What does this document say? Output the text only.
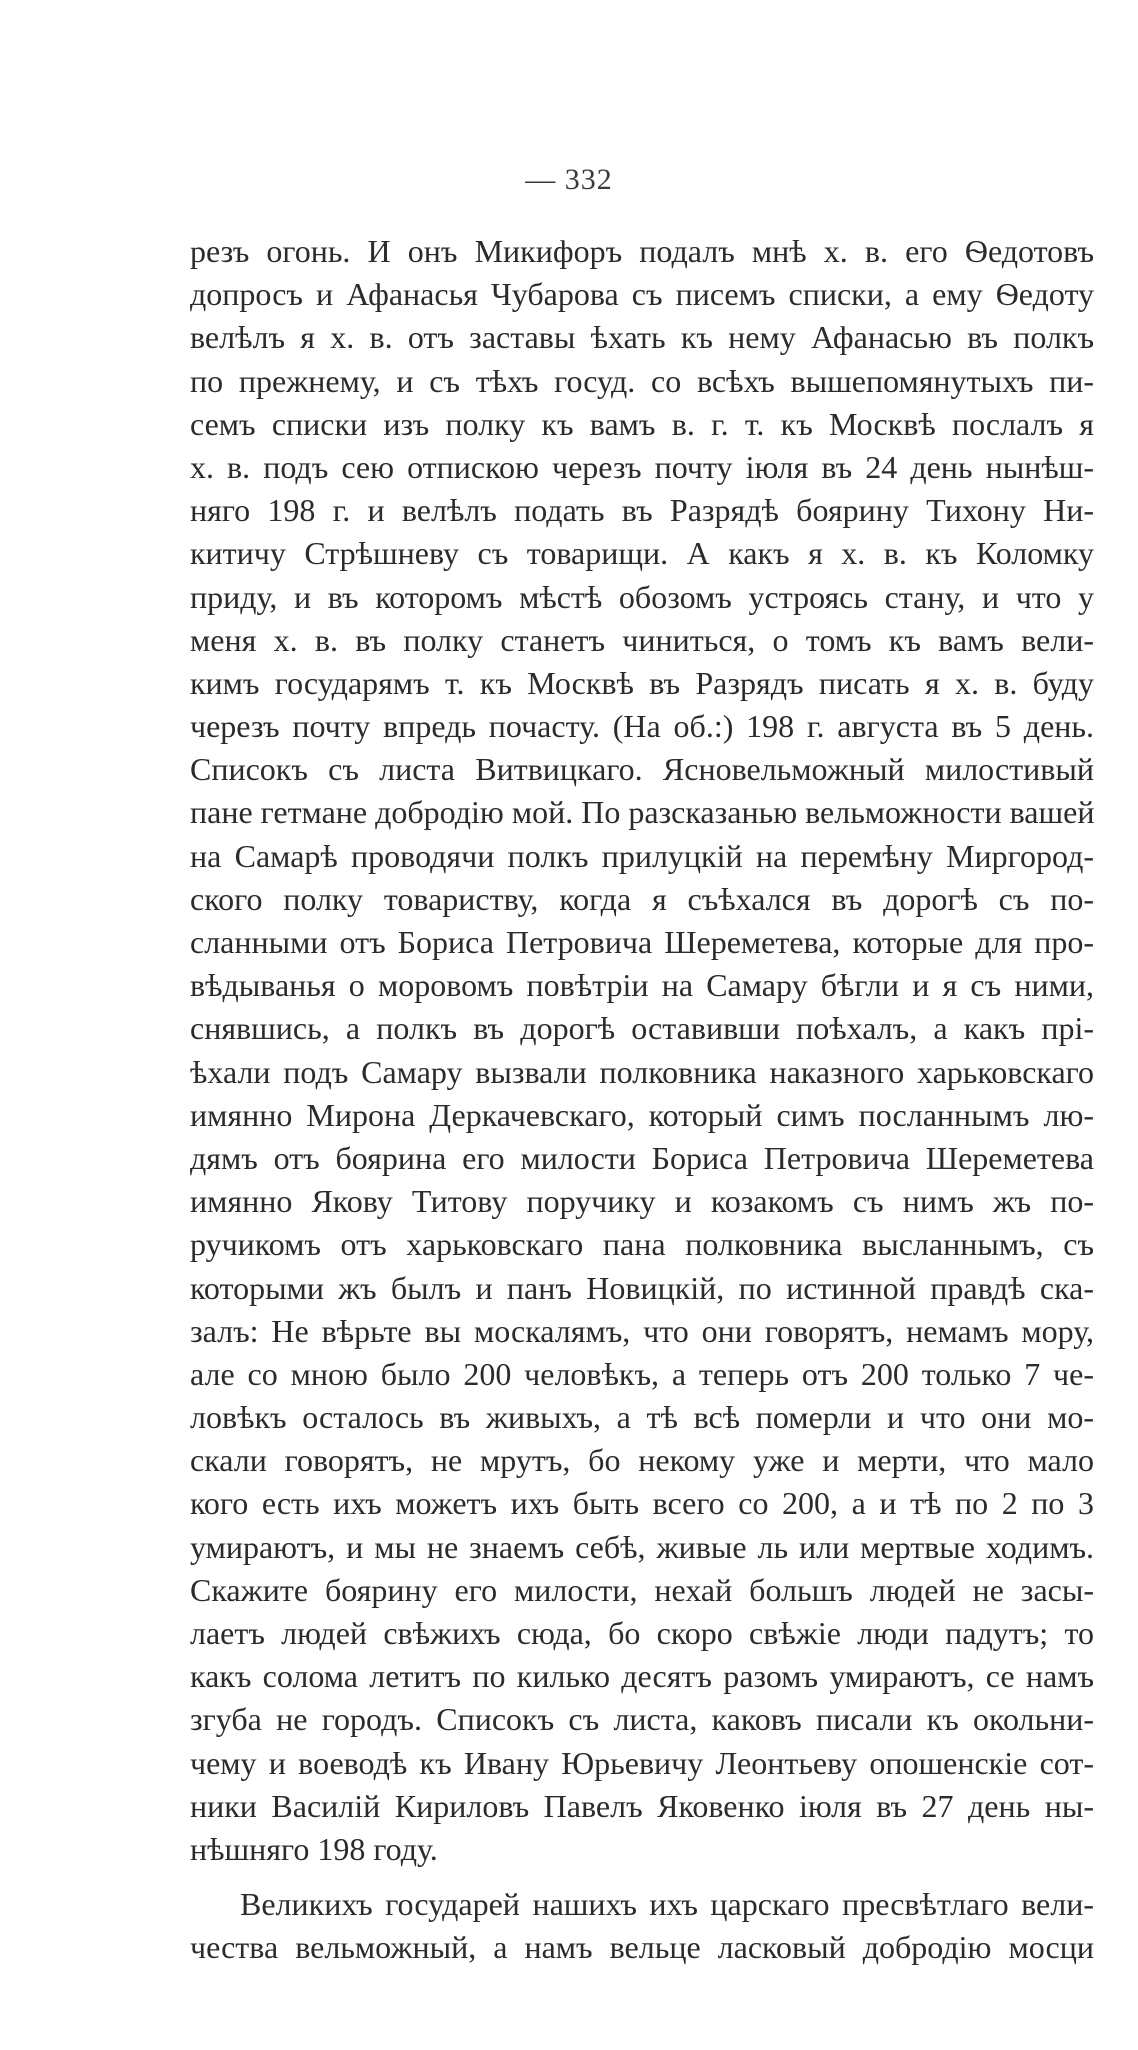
— 332
резъ огонь. И онъ Микифоръ подалъ мнѣ х. в. его Ѳедотовъ
допросъ и Афанасья Чубарова съ писемъ списки, а ему Ѳедоту
велѣлъ я х. в. отъ заставы ѣхать къ нему Афанасью въ полкъ
по прежнему, и съ тѣхъ госуд. со всѣхъ вышепомянутыхъ пи-
семъ списки изъ полку къ вамъ в. г. т. къ Москвѣ послалъ я
х. в. подъ сею отпискою черезъ почту іюля въ 24 день нынѣш-
няго 198 г. и велѣлъ подать въ Разрядѣ боярину Тихону Ни-
китичу Стрѣшневу съ товарищи. А какъ я х. в. къ Коломку
приду, и въ которомъ мѣстѣ обозомъ устроясь стану, и что у
меня х. в. въ полку станетъ чиниться, о томъ къ вамъ вели-
кимъ государямъ т. къ Москвѣ въ Разрядъ писать я х. в. буду
черезъ почту впредь почасту. (На об.:) 198 г. августа въ 5 день.
Списокъ съ листа Витвицкаго. Ясновельможный милостивый
пане гетмане добродію мой. По разсказанью вельможности вашей
на Самарѣ проводячи полкъ прилуцкій на перемѣну Миргород-
ского полку товариству, когда я съѣхался въ дорогѣ съ по-
сланными отъ Бориса Петровича Шереметева, которые для про-
вѣдыванья о моровомъ повѣтріи на Самару бѣгли и я съ ними,
снявшись, а полкъ въ дорогѣ оставивши поѣхалъ, а какъ прі-
ѣхали подъ Самару вызвали полковника наказного харьковскаго
имянно Мирона Деркачевскаго, который симъ посланнымъ лю-
дямъ отъ боярина его милости Бориса Петровича Шереметева
имянно Якову Титову поручику и козакомъ съ нимъ жъ по-
ручикомъ отъ харьковскаго пана полковника высланнымъ, съ
которыми жъ былъ и панъ Новицкій, по истинной правдѣ ска-
залъ: Не вѣрьте вы москалямъ, что они говорятъ, немамъ мору,
але со мною было 200 человѣкъ, а теперь отъ 200 только 7 че-
ловѣкъ осталось въ живыхъ, а тѣ всѣ померли и что они мо-
скали говорятъ, не мрутъ, бо некому уже и мерти, что мало
кого есть ихъ можетъ ихъ быть всего со 200, а и тѣ по 2 по 3
умираютъ, и мы не знаемъ себѣ, живые ль или мертвые ходимъ.
Скажите боярину его милости, нехай большъ людей не засы-
лаетъ людей свѣжихъ сюда, бо скоро свѣжіе люди падутъ; то
какъ солома летитъ по килько десятъ разомъ умираютъ, се намъ
згуба не городъ. Списокъ съ листа, каковъ писали къ окольни-
чему и воеводѣ къ Ивану Юрьевичу Леонтьеву опошенскіе сот-
ники Василій Кириловъ Павелъ Яковенко іюля въ 27 день ны-
нѣшняго 198 году.
Великихъ государей нашихъ ихъ царскаго пресвѣтлаго вели-
чества вельможный, а намъ вельце ласковый добродію мосци
